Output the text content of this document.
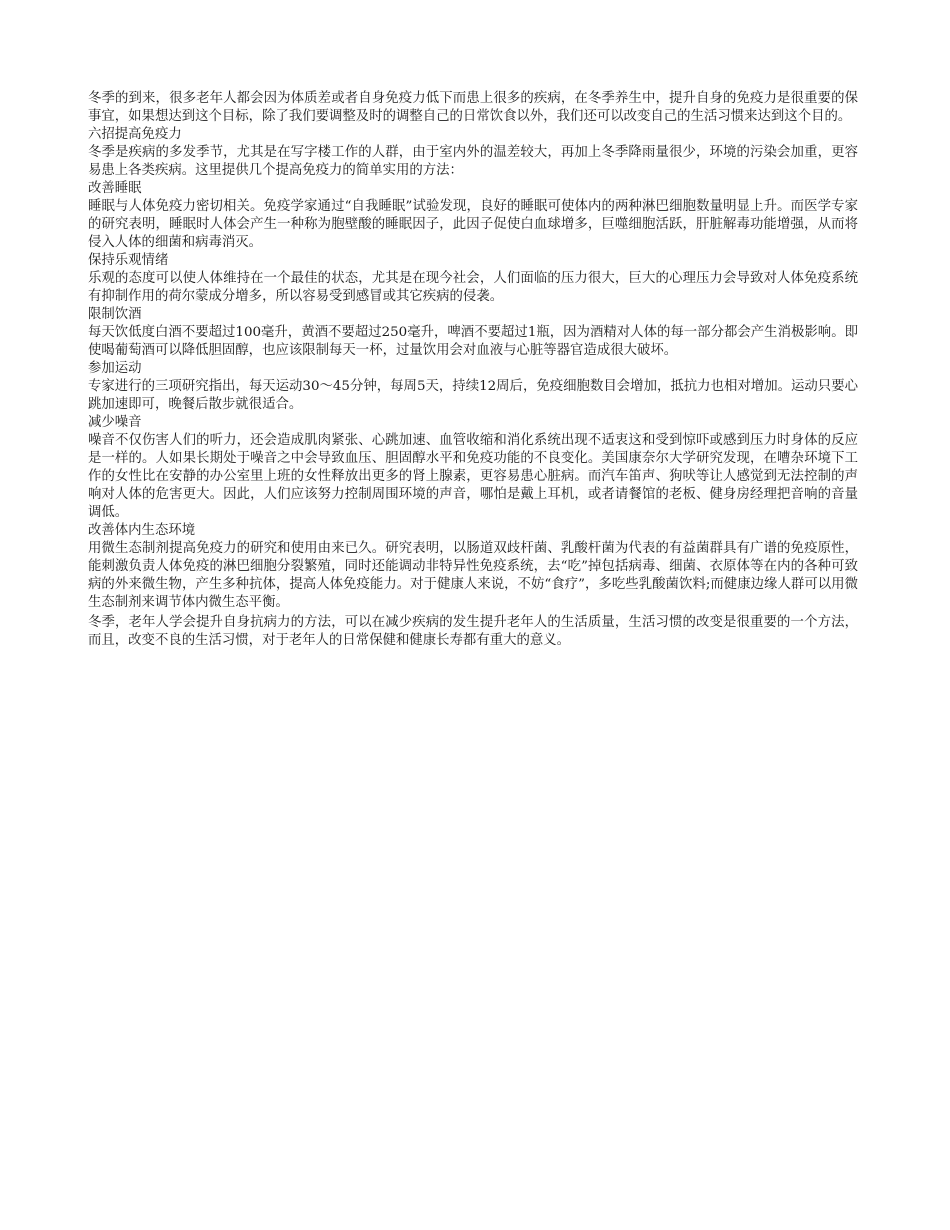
冬季的到来，很多老年人都会因为体质差或者自身免疫力低下而患上很多的疾病，在冬季养生中，提升自身的免疫力是很重要的保事宜，如果想达到这个目标，除了我们要调整及时的调整自己的日常饮食以外，我们还可以改变自己的生活习惯来达到这个目的。

六招提高免疫力

冬季是疾病的多发季节，尤其是在写字楼工作的人群，由于室内外的温差较大，再加上冬季降雨量很少，环境的污染会加重，更容易患上各类疾病。这里提供几个提高免疫力的简单实用的方法：

改善睡眠

睡眠与人体免疫力密切相关。免疫学家通过“自我睡眠”试验发现，良好的睡眠可使体内的两种淋巴细胞数量明显上升。而医学专家的研究表明，睡眠时人体会产生一种称为胞壁酸的睡眠因子，此因子促使白血球增多，巨噬细胞活跃，肝脏解毒功能增强，从而将侵入人体的细菌和病毒消灭。

保持乐观情绪

乐观的态度可以使人体维持在一个最佳的状态，尤其是在现今社会，人们面临的压力很大，巨大的心理压力会导致对人体免疫系统有抑制作用的荷尔蒙成分增多，所以容易受到感冒或其它疾病的侵袭。

限制饮酒

每天饮低度白酒不要超过100毫升，黄酒不要超过250毫升，啤酒不要超过1瓶，因为酒精对人体的每一部分都会产生消极影响。即使喝葡萄酒可以降低胆固醇，也应该限制每天一杯，过量饮用会对血液与心脏等器官造成很大破坏。

参加运动

专家进行的三项研究指出，每天运动30～45分钟，每周5天，持续12周后，免疫细胞数目会增加，抵抗力也相对增加。运动只要心跳加速即可，晚餐后散步就很适合。

减少噪音

噪音不仅伤害人们的听力，还会造成肌肉紧张、心跳加速、血管收缩和消化系统出现不适衷这和受到惊吓或感到压力时身体的反应是一样的。人如果长期处于噪音之中会导致血压、胆固醇水平和免疫功能的不良变化。美国康奈尔大学研究发现，在嘈杂环境下工作的女性比在安静的办公室里上班的女性释放出更多的肾上腺素，更容易患心脏病。而汽车笛声、狗吠等让人感觉到无法控制的声响对人体的危害更大。因此，人们应该努力控制周围环境的声音，哪怕是戴上耳机，或者请餐馆的老板、健身房经理把音响的音量调低。

改善体内生态环境

用微生态制剂提高免疫力的研究和使用由来已久。研究表明，以肠道双歧杆菌、乳酸杆菌为代表的有益菌群具有广谱的免疫原性，能刺激负责人体免疫的淋巴细胞分裂繁殖，同时还能调动非特异性免疫系统，去“吃”掉包括病毒、细菌、衣原体等在内的各种可致病的外来微生物，产生多种抗体，提高人体免疫能力。对于健康人来说，不妨“食疗”，多吃些乳酸菌饮料;而健康边缘人群可以用微生态制剂来调节体内微生态平衡。

冬季，老年人学会提升自身抗病力的方法，可以在减少疾病的发生提升老年人的生活质量，生活习惯的改变是很重要的一个方法，而且，改变不良的生活习惯，对于老年人的日常保健和健康长寿都有重大的意义。
